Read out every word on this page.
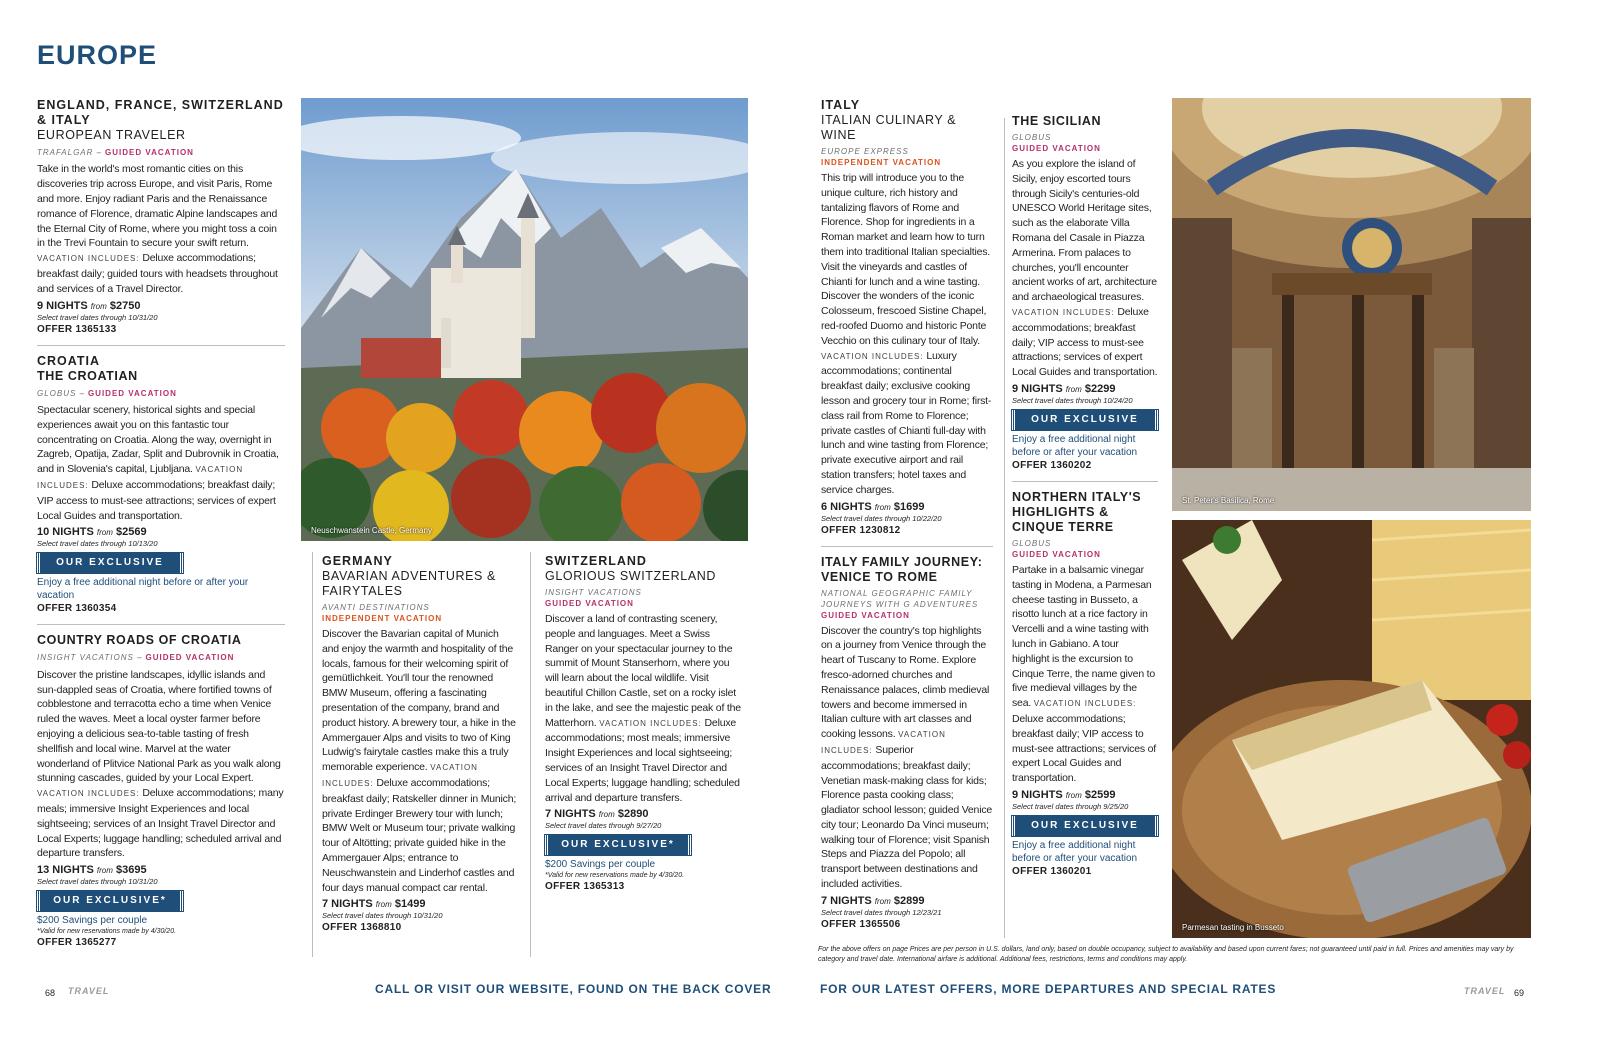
EUROPE
ENGLAND, FRANCE, SWITZERLAND & ITALY
EUROPEAN TRAVELER
TRAFALGAR – GUIDED VACATION
Take in the world's most romantic cities on this discoveries trip across Europe, and visit Paris, Rome and more. Enjoy radiant Paris and the Renaissance romance of Florence, dramatic Alpine landscapes and the Eternal City of Rome, where you might toss a coin in the Trevi Fountain to secure your swift return. VACATION INCLUDES: Deluxe accommodations; breakfast daily; guided tours with headsets throughout and services of a Travel Director.
9 NIGHTS from $2750
Select travel dates through 10/31/20
OFFER 1365133
CROATIA
THE CROATIAN
GLOBUS – GUIDED VACATION
Spectacular scenery, historical sights and special experiences await you on this fantastic tour concentrating on Croatia. Along the way, overnight in Zagreb, Opatija, Zadar, Split and Dubrovnik in Croatia, and in Slovenia's capital, Ljubljana. VACATION INCLUDES: Deluxe accommodations; breakfast daily; VIP access to must-see attractions; services of expert Local Guides and transportation.
10 NIGHTS from $2569
Select travel dates through 10/13/20
OUR EXCLUSIVE
Enjoy a free additional night before or after your vacation
OFFER 1360354
COUNTRY ROADS OF CROATIA
INSIGHT VACATIONS – GUIDED VACATION
Discover the pristine landscapes, idyllic islands and sun-dappled seas of Croatia, where fortified towns of cobblestone and terracotta echo a time when Venice ruled the waves. Meet a local oyster farmer before enjoying a delicious sea-to-table tasting of fresh shellfish and local wine. Marvel at the water wonderland of Plitvice National Park as you walk along stunning cascades, guided by your Local Expert. VACATION INCLUDES: Deluxe accommodations; many meals; immersive Insight Experiences and local sightseeing; services of an Insight Travel Director and Local Experts; luggage handling; scheduled arrival and departure transfers.
13 NIGHTS from $3695
Select travel dates through 10/31/20
OUR EXCLUSIVE*
$200 Savings per couple
*Valid for new reservations made by 4/30/20.
OFFER 1365277
Neuschwanstein Castle, Germany
GERMANY
BAVARIAN ADVENTURES & FAIRYTALES
AVANTI DESTINATIONS
INDEPENDENT VACATION
Discover the Bavarian capital of Munich and enjoy the warmth and hospitality of the locals, famous for their welcoming spirit of gemütlichkeit. You'll tour the renowned BMW Museum, offering a fascinating presentation of the company, brand and product history. A brewery tour, a hike in the Ammergauer Alps and visits to two of King Ludwig's fairytale castles make this a truly memorable experience. VACATION INCLUDES: Deluxe accommodations; breakfast daily; Ratskeller dinner in Munich; private Erdinger Brewery tour with lunch; BMW Welt or Museum tour; private walking tour of Altötting; private guided hike in the Ammergauer Alps; entrance to Neuschwanstein and Linderhof castles and four days manual compact car rental.
7 NIGHTS from $1499
Select travel dates through 10/31/20
OFFER 1368810
SWITZERLAND
GLORIOUS SWITZERLAND
INSIGHT VACATIONS
GUIDED VACATION
Discover a land of contrasting scenery, people and languages. Meet a Swiss Ranger on your spectacular journey to the summit of Mount Stanserhorn, where you will learn about the local wildlife. Visit beautiful Chillon Castle, set on a rocky islet in the lake, and see the majestic peak of the Matterhorn. VACATION INCLUDES: Deluxe accommodations; most meals; immersive Insight Experiences and local sightseeing; services of an Insight Travel Director and Local Experts; luggage handling; scheduled arrival and departure transfers.
7 NIGHTS from $2890
Select travel dates through 9/27/20
OUR EXCLUSIVE*
$200 Savings per couple
*Valid for new reservations made by 4/30/20.
OFFER 1365313
ITALY
ITALIAN CULINARY & WINE
EUROPE EXPRESS
INDEPENDENT VACATION
This trip will introduce you to the unique culture, rich history and tantalizing flavors of Rome and Florence. Shop for ingredients in a Roman market and learn how to turn them into traditional Italian specialties. Visit the vineyards and castles of Chianti for lunch and a wine tasting. Discover the wonders of the iconic Colosseum, frescoed Sistine Chapel, red-roofed Duomo and historic Ponte Vecchio on this culinary tour of Italy. VACATION INCLUDES: Luxury accommodations; continental breakfast daily; exclusive cooking lesson and grocery tour in Rome; first-class rail from Rome to Florence; private castles of Chianti full-day with lunch and wine tasting from Florence; private executive airport and rail station transfers; hotel taxes and service charges.
6 NIGHTS from $1699
Select travel dates through 10/22/20
OFFER 1230812
ITALY FAMILY JOURNEY: VENICE TO ROME
NATIONAL GEOGRAPHIC FAMILY JOURNEYS WITH G ADVENTURES
GUIDED VACATION
Discover the country's top highlights on a journey from Venice through the heart of Tuscany to Rome. Explore fresco-adorned churches and Renaissance palaces, climb medieval towers and become immersed in Italian culture with art classes and cooking lessons. VACATION INCLUDES: Superior accommodations; breakfast daily; Venetian mask-making class for kids; Florence pasta cooking class; gladiator school lesson; guided Venice city tour; Leonardo Da Vinci museum; walking tour of Florence; visit Spanish Steps and Piazza del Popolo; all transport between destinations and included activities.
7 NIGHTS from $2899
Select travel dates through 12/23/21
OFFER 1365506
THE SICILIAN
GLOBUS
GUIDED VACATION
As you explore the island of Sicily, enjoy escorted tours through Sicily's centuries-old UNESCO World Heritage sites, such as the elaborate Villa Romana del Casale in Piazza Armerina. From palaces to churches, you'll encounter ancient works of art, architecture and archaeological treasures. VACATION INCLUDES: Deluxe accommodations; breakfast daily; VIP access to must-see attractions; services of expert Local Guides and transportation.
9 NIGHTS from $2299
Select travel dates through 10/24/20
OUR EXCLUSIVE
Enjoy a free additional night before or after your vacation
OFFER 1360202
NORTHERN ITALY'S HIGHLIGHTS & CINQUE TERRE
GLOBUS
GUIDED VACATION
Partake in a balsamic vinegar tasting in Modena, a Parmesan cheese tasting in Busseto, a risotto lunch at a rice factory in Vercelli and a wine tasting with lunch in Gabiano. A tour highlight is the excursion to Cinque Terre, the name given to five medieval villages by the sea. VACATION INCLUDES: Deluxe accommodations; breakfast daily; VIP access to must-see attractions; services of expert Local Guides and transportation.
9 NIGHTS from $2599
Select travel dates through 9/25/20
OUR EXCLUSIVE
Enjoy a free additional night before or after your vacation
OFFER 1360201
St. Peter's Basilica, Rome
Parmesan tasting in Busseto
For the above offers on page Prices are per person in U.S. dollars, land only, based on double occupancy, subject to availability and based upon current fares; not guaranteed until paid in full. Prices and amenities may vary by category and travel date. International airfare is additional. Additional fees, restrictions, terms and conditions may apply.
68 TRAVEL	CALL OR VISIT OUR WEBSITE, FOUND ON THE BACK COVER	FOR OUR LATEST OFFERS, MORE DEPARTURES AND SPECIAL RATES	TRAVEL 69
